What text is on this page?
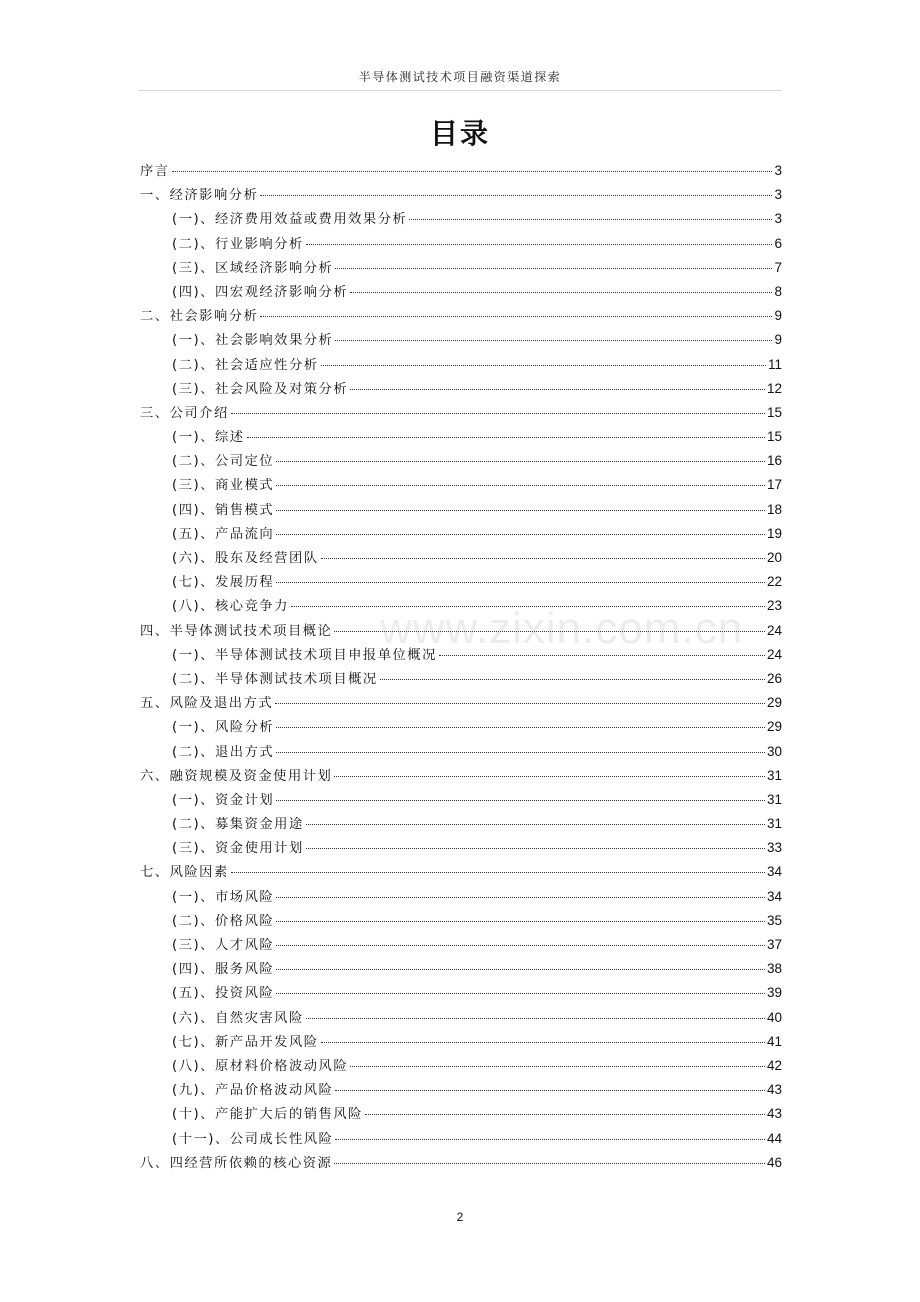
半导体测试技术项目融资渠道探索
目录
序言	3
一、经济影响分析	3
(一)、经济费用效益或费用效果分析	3
(二)、行业影响分析	6
(三)、区域经济影响分析	7
(四)、四宏观经济影响分析	8
二、社会影响分析	9
(一)、社会影响效果分析	9
(二)、社会适应性分析	11
(三)、社会风险及对策分析	12
三、公司介绍	15
(一)、综述	15
(二)、公司定位	16
(三)、商业模式	17
(四)、销售模式	18
(五)、产品流向	19
(六)、股东及经营团队	20
(七)、发展历程	22
(八)、核心竞争力	23
四、半导体测试技术项目概论	24
(一)、半导体测试技术项目申报单位概况	24
(二)、半导体测试技术项目概况	26
五、风险及退出方式	29
(一)、风险分析	29
(二)、退出方式	30
六、融资规模及资金使用计划	31
(一)、资金计划	31
(二)、募集资金用途	31
(三)、资金使用计划	33
七、风险因素	34
(一)、市场风险	34
(二)、价格风险	35
(三)、人才风险	37
(四)、服务风险	38
(五)、投资风险	39
(六)、自然灾害风险	40
(七)、新产品开发风险	41
(八)、原材料价格波动风险	42
(九)、产品价格波动风险	43
(十)、产能扩大后的销售风险	43
(十一)、公司成长性风险	44
八、四经营所依赖的核心资源	46
www.zixin.com.cn
2
